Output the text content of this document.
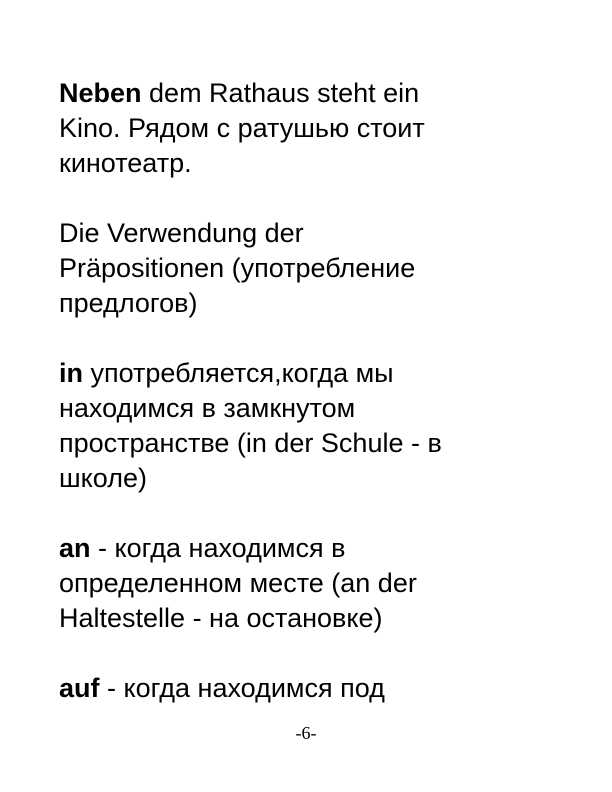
Neben dem Rathaus steht ein
Kino. Рядом с ратушью стоит
кинотеатр.
Die Verwendung der
Präpositionen (употребление
предлогов)
in употребляется,когда мы
находимся в замкнутом
пространстве (in der Schule - в
школе)
an - когда находимся в
определенном месте (an der
Haltestelle - на остановке)
auf - когда находимся под
-6-
